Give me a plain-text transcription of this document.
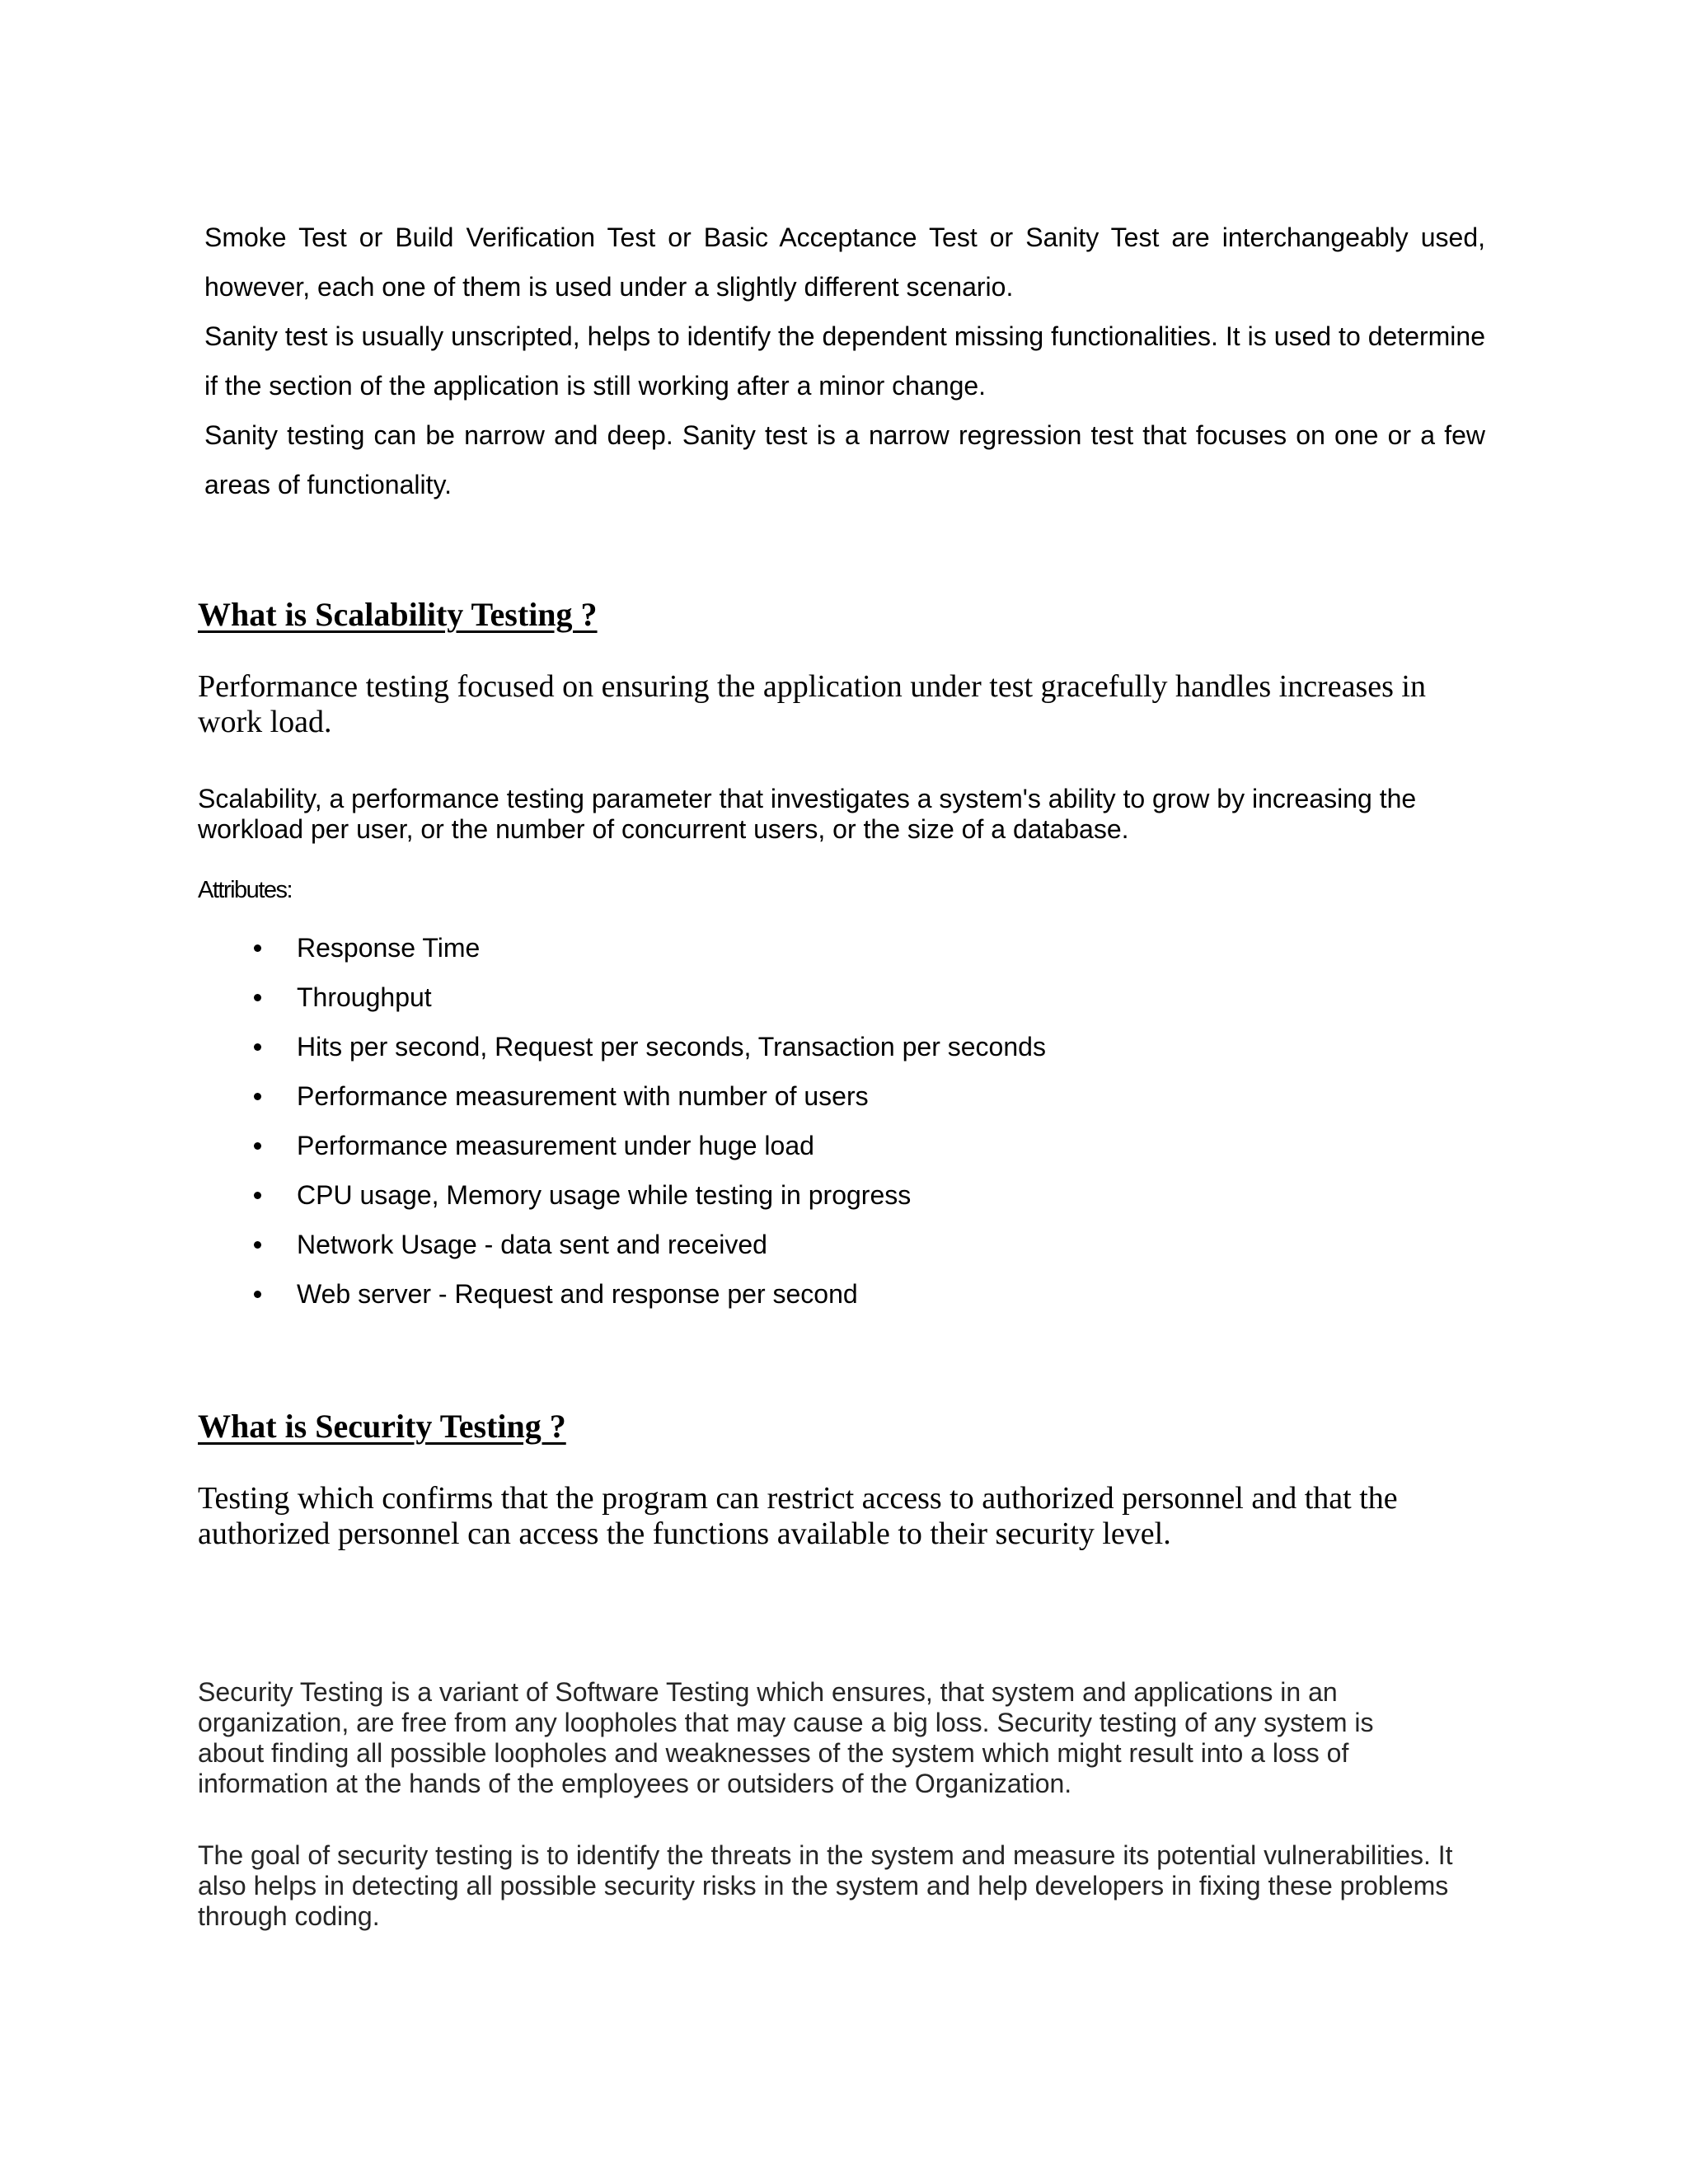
Smoke Test or Build Verification Test or Basic Acceptance Test or Sanity Test are interchangeably used, however, each one of them is used under a slightly different scenario.

Sanity test is usually unscripted, helps to identify the dependent missing functionalities. It is used to determine if the section of the application is still working after a minor change.

Sanity testing can be narrow and deep. Sanity test is a narrow regression test that focuses on one or a few areas of functionality.

What is Scalability Testing ?

Performance testing focused on ensuring the application under test gracefully handles increases in work load.

Scalability, a performance testing parameter that investigates a system's ability to grow by increasing the workload per user, or the number of concurrent users, or the size of a database.

Attributes:

Response Time
Throughput
Hits per second, Request per seconds, Transaction per seconds
Performance measurement with number of users
Performance measurement under huge load
CPU usage, Memory usage while testing in progress
Network Usage - data sent and received
Web server - Request and response per second
What is Security Testing ?

Testing which confirms that the program can restrict access to authorized personnel and that the authorized personnel can access the functions available to their security level.

Security Testing is a variant of Software Testing which ensures, that system and applications in an organization, are free from any loopholes that may cause a big loss. Security testing of any system is about finding all possible loopholes and weaknesses of the system which might result into a loss of information at the hands of the employees or outsiders of the Organization.

The goal of security testing is to identify the threats in the system and measure its potential vulnerabilities. It also helps in detecting all possible security risks in the system and help developers in fixing these problems through coding.
